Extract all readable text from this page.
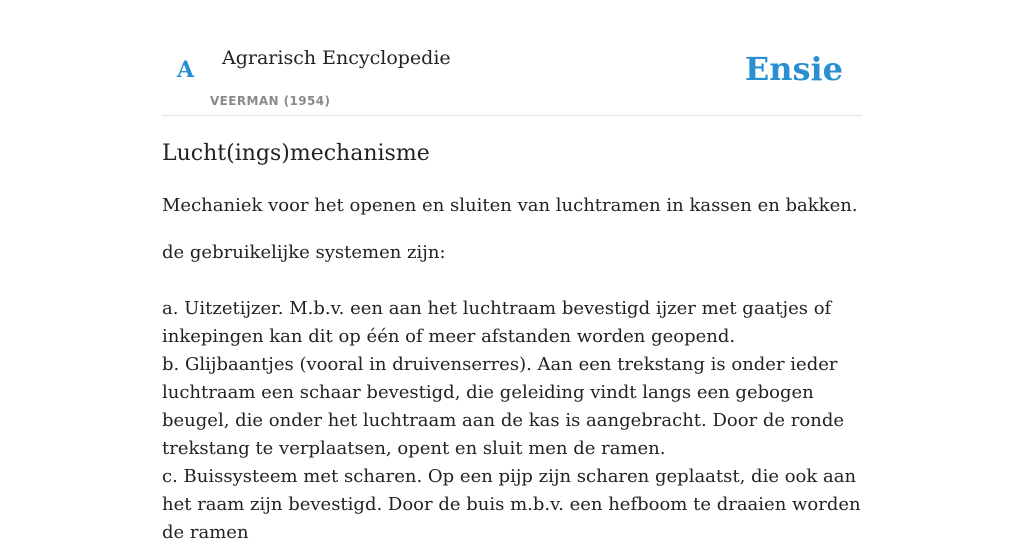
A Agrarisch Encyclopedie
VEERMAN (1954)
Ensie
Lucht(ings)mechanisme

Mechaniek voor het openen en sluiten van luchtramen in kassen en bakken.

de gebruikelijke systemen zijn:

a. Uitzetijzer. M.b.v. een aan het luchtraam bevestigd ijzer met gaatjes of inkepingen kan dit op één of meer afstanden worden geopend.

b. Glijbaantjes (vooral in druivenserres). Aan een trekstang is onder ieder luchtraam een schaar bevestigd, die geleiding vindt langs een gebogen beugel, die onder het luchtraam aan de kas is aangebracht. Door de ronde trekstang te verplaatsen, opent en sluit men de ramen.

c. Buissysteem met scharen. Op een pijp zijn scharen geplaatst, die ook aan het raam zijn bevestigd. Door de buis m.b.v. een hefboom te draaien worden de ramen
